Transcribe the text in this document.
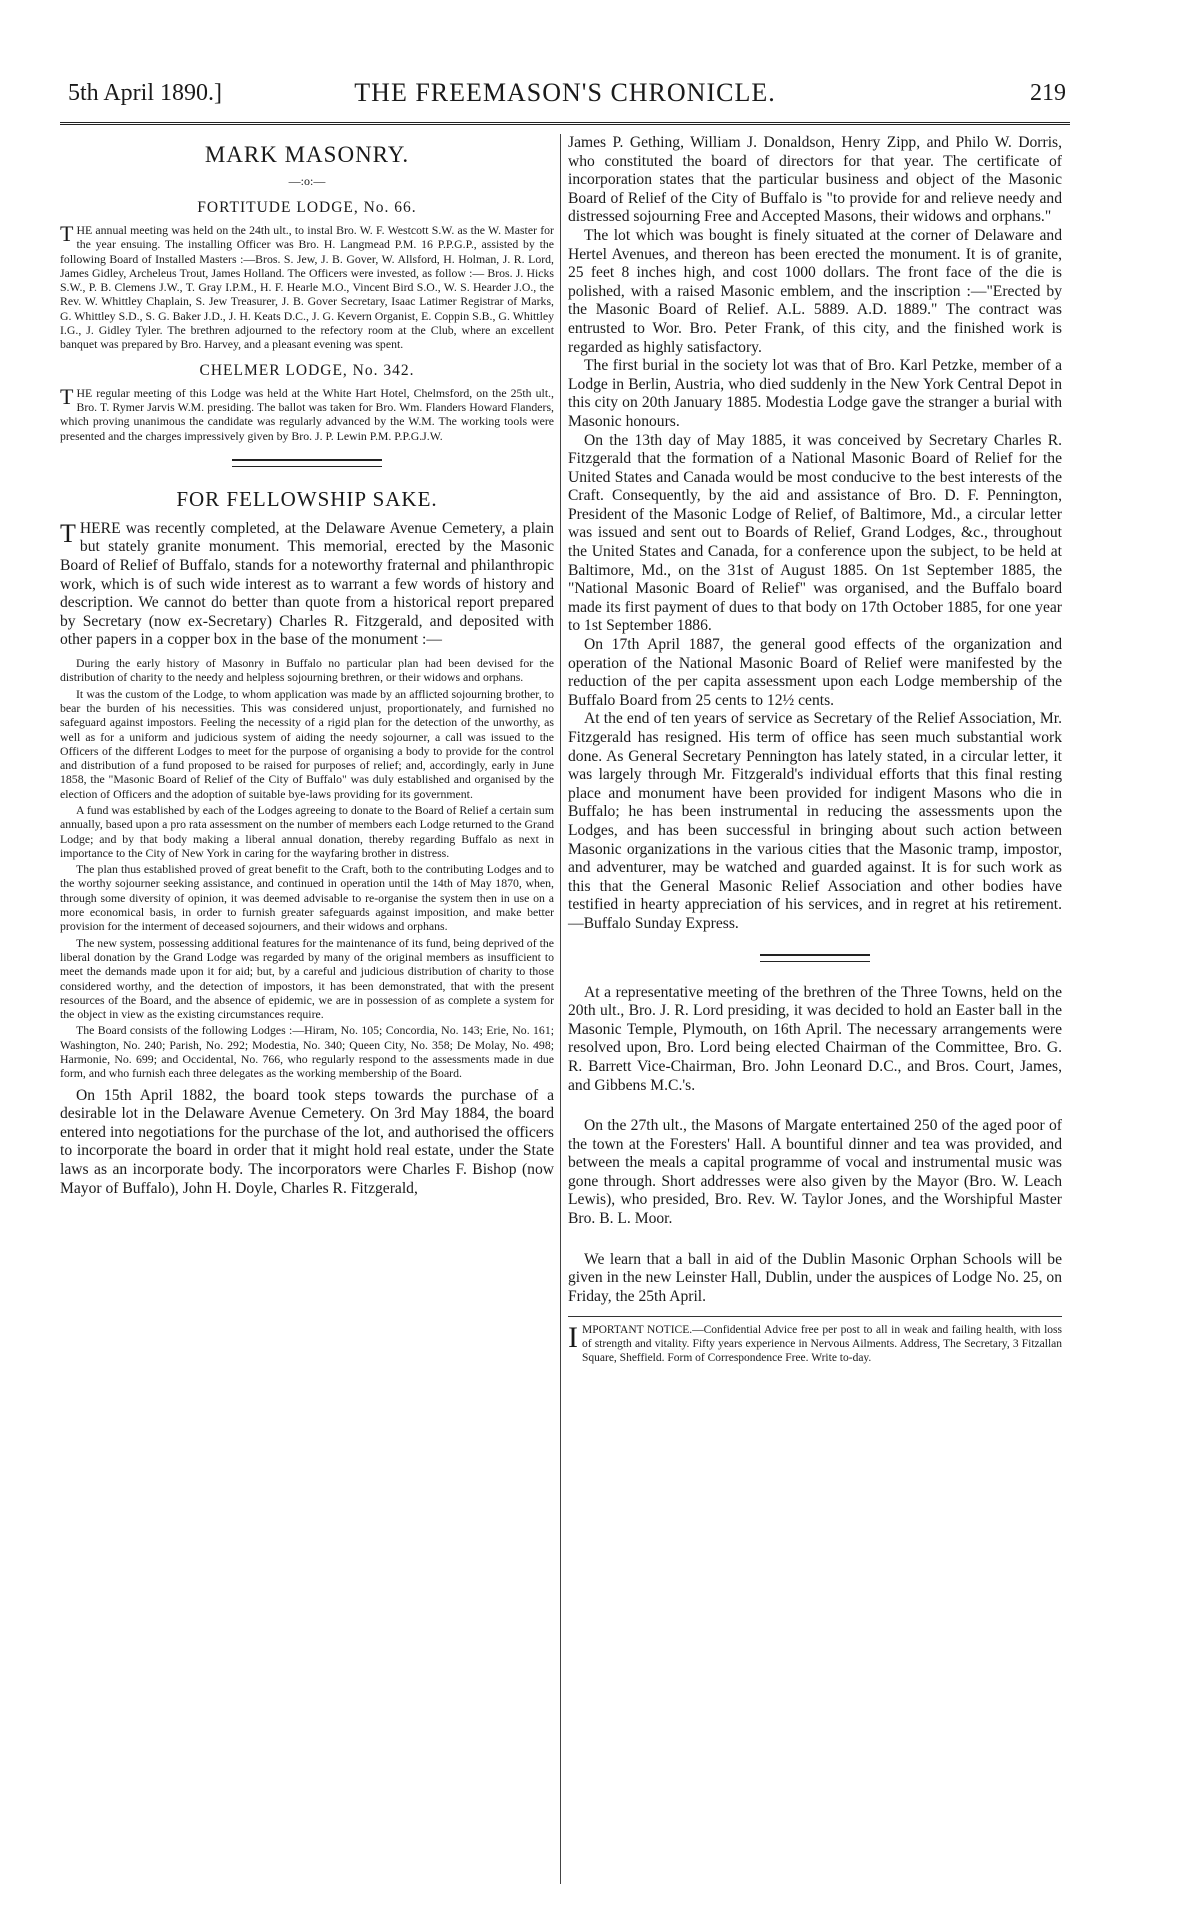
5th April 1890.]	THE FREEMASON'S CHRONICLE.	219
MARK MASONRY.
—:o:—
FORTITUDE LODGE, No. 66.

THE annual meeting was held on the 24th ult., to instal Bro. W. F. Westcott S.W. as the W. Master for the year ensuing. The installing Officer was Bro. H. Langmead P.M. 16 P.P.G.P., assisted by the following Board of Installed Masters :—Bros. S. Jew, J. B. Gover, W. Allsford, H. Holman, J. R. Lord, James Gidley, Archeleus Trout, James Holland. The Officers were invested, as follow :— Bros. J. Hicks S.W., P. B. Clemens J.W., T. Gray I.P.M., H. F. Hearle M.O., Vincent Bird S.O., W. S. Hearder J.O., the Rev. W. Whittley Chaplain, S. Jew Treasurer, J. B. Gover Secretary, Isaac Latimer Registrar of Marks, G. Whittley S.D., S. G. Baker J.D., J. H. Keats D.C., J. G. Kevern Organist, E. Coppin S.B., G. Whittley I.G., J. Gidley Tyler. The brethren adjourned to the refectory room at the Club, where an excellent banquet was prepared by Bro. Harvey, and a pleasant evening was spent.

CHELMER LODGE, No. 342.

THE regular meeting of this Lodge was held at the White Hart Hotel, Chelmsford, on the 25th ult., Bro. T. Rymer Jarvis W.M. presiding. The ballot was taken for Bro. Wm. Flanders Howard Flanders, which proving unanimous the candidate was regularly advanced by the W.M. The working tools were presented and the charges impressively given by Bro. J. P. Lewin P.M. P.P.G.J.W.

FOR FELLOWSHIP SAKE.

THERE was recently completed, at the Delaware Avenue Cemetery, a plain but stately granite monument. This memorial, erected by the Masonic Board of Relief of Buffalo, stands for a noteworthy fraternal and philanthropic work, which is of such wide interest as to warrant a few words of history and description. We cannot do better than quote from a historical report prepared by Secretary (now ex-Secretary) Charles R. Fitzgerald, and deposited with other papers in a copper box in the base of the monument :—

During the early history of Masonry in Buffalo no particular plan had been devised for the distribution of charity to the needy and helpless sojourning brethren, or their widows and orphans.

It was the custom of the Lodge, to whom application was made by an afflicted sojourning brother, to bear the burden of his necessities. This was considered unjust, proportionately, and furnished no safeguard against impostors. Feeling the necessity of a rigid plan for the detection of the unworthy, as well as for a uniform and judicious system of aiding the needy sojourner, a call was issued to the Officers of the different Lodges to meet for the purpose of organising a body to provide for the control and distribution of a fund proposed to be raised for purposes of relief; and, accordingly, early in June 1858, the "Masonic Board of Relief of the City of Buffalo" was duly established and organised by the election of Officers and the adoption of suitable bye-laws providing for its government.

A fund was established by each of the Lodges agreeing to donate to the Board of Relief a certain sum annually, based upon a pro rata assessment on the number of members each Lodge returned to the Grand Lodge; and by that body making a liberal annual donation, thereby regarding Buffalo as next in importance to the City of New York in caring for the wayfaring brother in distress.

The plan thus established proved of great benefit to the Craft, both to the contributing Lodges and to the worthy sojourner seeking assistance, and continued in operation until the 14th of May 1870, when, through some diversity of opinion, it was deemed advisable to re-organise the system then in use on a more economical basis, in order to furnish greater safeguards against imposition, and make better provision for the interment of deceased sojourners, and their widows and orphans.

The new system, possessing additional features for the maintenance of its fund, being deprived of the liberal donation by the Grand Lodge was regarded by many of the original members as insufficient to meet the demands made upon it for aid; but, by a careful and judicious distribution of charity to those considered worthy, and the detection of impostors, it has been demonstrated, that with the present resources of the Board, and the absence of epidemic, we are in possession of as complete a system for the object in view as the existing circumstances require.

The Board consists of the following Lodges :—Hiram, No. 105; Concordia, No. 143; Erie, No. 161; Washington, No. 240; Parish, No. 292; Modestia, No. 340; Queen City, No. 358; De Molay, No. 498; Harmonie, No. 699; and Occidental, No. 766, who regularly respond to the assessments made in due form, and who furnish each three delegates as the working membership of the Board.

On 15th April 1882, the board took steps towards the purchase of a desirable lot in the Delaware Avenue Cemetery. On 3rd May 1884, the board entered into negotiations for the purchase of the lot, and authorised the officers to incorporate the board in order that it might hold real estate, under the State laws as an incorporate body. The incorporators were Charles F. Bishop (now Mayor of Buffalo), John H. Doyle, Charles R. Fitzgerald,

James P. Gething, William J. Donaldson, Henry Zipp, and Philo W. Dorris, who constituted the board of directors for that year. The certificate of incorporation states that the particular business and object of the Masonic Board of Relief of the City of Buffalo is "to provide for and relieve needy and distressed sojourning Free and Accepted Masons, their widows and orphans."

The lot which was bought is finely situated at the corner of Delaware and Hertel Avenues, and thereon has been erected the monument. It is of granite, 25 feet 8 inches high, and cost 1000 dollars. The front face of the die is polished, with a raised Masonic emblem, and the inscription :—"Erected by the Masonic Board of Relief. A.L. 5889. A.D. 1889." The contract was entrusted to Wor. Bro. Peter Frank, of this city, and the finished work is regarded as highly satisfactory.

The first burial in the society lot was that of Bro. Karl Petzke, member of a Lodge in Berlin, Austria, who died suddenly in the New York Central Depot in this city on 20th January 1885. Modestia Lodge gave the stranger a burial with Masonic honours.

On the 13th day of May 1885, it was conceived by Secretary Charles R. Fitzgerald that the formation of a National Masonic Board of Relief for the United States and Canada would be most conducive to the best interests of the Craft. Consequently, by the aid and assistance of Bro. D. F. Pennington, President of the Masonic Lodge of Relief, of Baltimore, Md., a circular letter was issued and sent out to Boards of Relief, Grand Lodges, &c., throughout the United States and Canada, for a conference upon the subject, to be held at Baltimore, Md., on the 31st of August 1885. On 1st September 1885, the "National Masonic Board of Relief" was organised, and the Buffalo board made its first payment of dues to that body on 17th October 1885, for one year to 1st September 1886.

On 17th April 1887, the general good effects of the organization and operation of the National Masonic Board of Relief were manifested by the reduction of the per capita assessment upon each Lodge membership of the Buffalo Board from 25 cents to 12½ cents.

At the end of ten years of service as Secretary of the Relief Association, Mr. Fitzgerald has resigned. His term of office has seen much substantial work done. As General Secretary Pennington has lately stated, in a circular letter, it was largely through Mr. Fitzgerald's individual efforts that this final resting place and monument have been provided for indigent Masons who die in Buffalo; he has been instrumental in reducing the assessments upon the Lodges, and has been successful in bringing about such action between Masonic organizations in the various cities that the Masonic tramp, impostor, and adventurer, may be watched and guarded against. It is for such work as this that the General Masonic Relief Association and other bodies have testified in hearty appreciation of his services, and in regret at his retirement.—Buffalo Sunday Express.

At a representative meeting of the brethren of the Three Towns, held on the 20th ult., Bro. J. R. Lord presiding, it was decided to hold an Easter ball in the Masonic Temple, Plymouth, on 16th April. The necessary arrangements were resolved upon, Bro. Lord being elected Chairman of the Committee, Bro. G. R. Barrett Vice-Chairman, Bro. John Leonard D.C., and Bros. Court, James, and Gibbens M.C.'s.

On the 27th ult., the Masons of Margate entertained 250 of the aged poor of the town at the Foresters' Hall. A bountiful dinner and tea was provided, and between the meals a capital programme of vocal and instrumental music was gone through. Short addresses were also given by the Mayor (Bro. W. Leach Lewis), who presided, Bro. Rev. W. Taylor Jones, and the Worshipful Master Bro. B. L. Moor.

We learn that a ball in aid of the Dublin Masonic Orphan Schools will be given in the new Leinster Hall, Dublin, under the auspices of Lodge No. 25, on Friday, the 25th April.

IMPORTANT NOTICE.—Confidential Advice free per post to all in weak and failing health, with loss of strength and vitality. Fifty years experience in Nervous Ailments. Address, The Secretary, 3 Fitzallan Square, Sheffield. Form of Correspondence Free. Write to-day.
